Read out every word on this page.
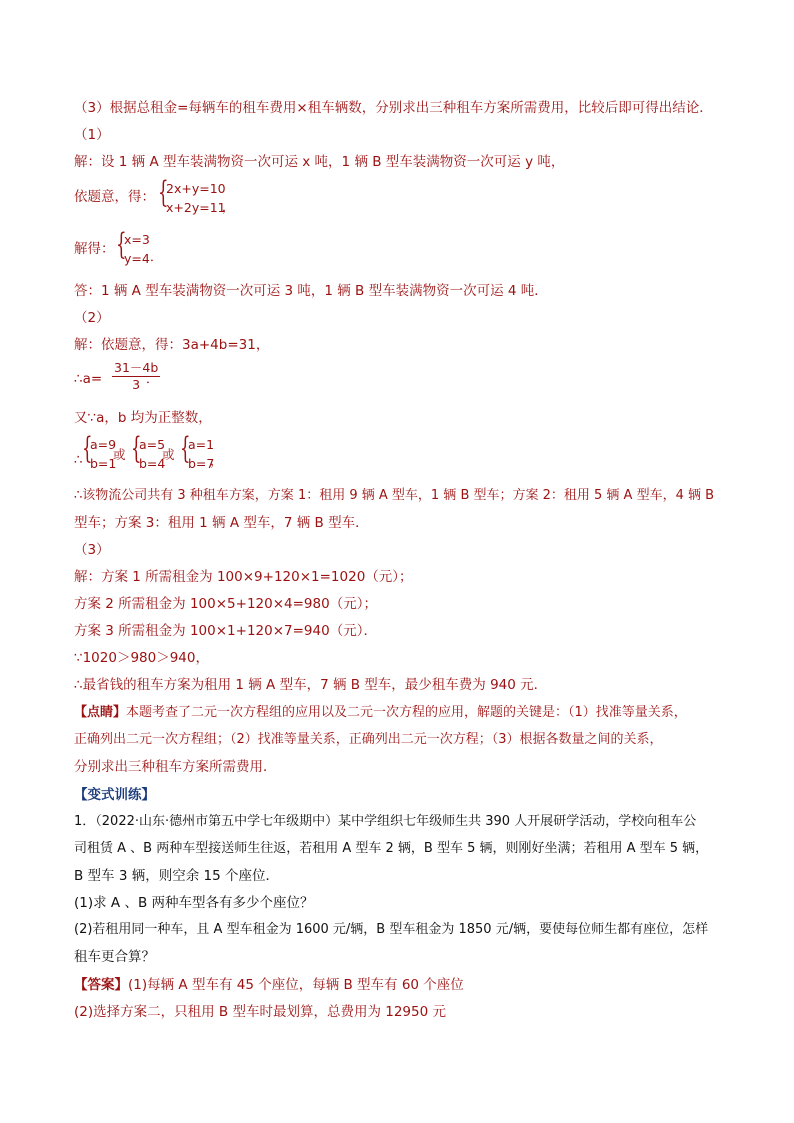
（3）根据总租金=每辆车的租车费用×租车辆数，分别求出三种租车方案所需费用，比较后即可得出结论．
（1）
解：设 1 辆 A 型车装满物资一次可运 x 吨，1 辆 B 型车装满物资一次可运 y 吨，
依题意，得： {
2x+y=10
x+2y=11
，
解得： {
x=3
y=4 ．
答：1 辆 A 型车装满物资一次可运 3 吨，1 辆 B 型车装满物资一次可运 4 吨．
（2）
解：依题意，得：3a+4b=31，
∴a= $\frac{31-4b}{3}$
．
又∵a，b 均为正整数，
∴ {
a=9
b=1
或 {
a=5
b=4
或 {
a=1
b=7
，
∴该物流公司共有 3 种租车方案，方案 1：租用 9 辆 A 型车，1 辆 B 型车；方案 2：租用 5 辆 A 型车，4 辆 B
型车；方案 3：租用 1 辆 A 型车，7 辆 B 型车．
（3）
解：方案 1 所需租金为 100×9+120×1=1020（元）；
方案 2 所需租金为 100×5+120×4=980（元）；
方案 3 所需租金为 100×1+120×7=940（元）．
∵1020＞980＞940，
∴最省钱的租车方案为租用 1 辆 A 型车，7 辆 B 型车，最少租车费为 940 元．
【点睛】本题考查了二元一次方程组的应用以及二元一次方程的应用，解题的关键是：（1）找准等量关系，
正确列出二元一次方程组；（2）找准等量关系，正确列出二元一次方程；（3）根据各数量之间的关系，
分别求出三种租车方案所需费用．
【变式训练】
1．（2022·山东·德州市第五中学七年级期中）某中学组织七年级师生共 390 人开展研学活动，学校向租车公
司租赁 A 、B 两种车型接送师生往返，若租用 A 型车 2 辆，B 型车 5 辆，则刚好坐满；若租用 A 型车 5 辆，
B 型车 3 辆，则空余 15 个座位．
(1)求 A 、B 两种车型各有多少个座位？
(2)若租用同一种车，且 A 型车租金为 1600 元/辆，B 型车租金为 1850 元/辆，要使每位师生都有座位，怎样
租车更合算？
【答案】(1)每辆 A 型车有 45 个座位，每辆 B 型车有 60 个座位
(2)选择方案二，只租用 B 型车时最划算，总费用为 12950 元
